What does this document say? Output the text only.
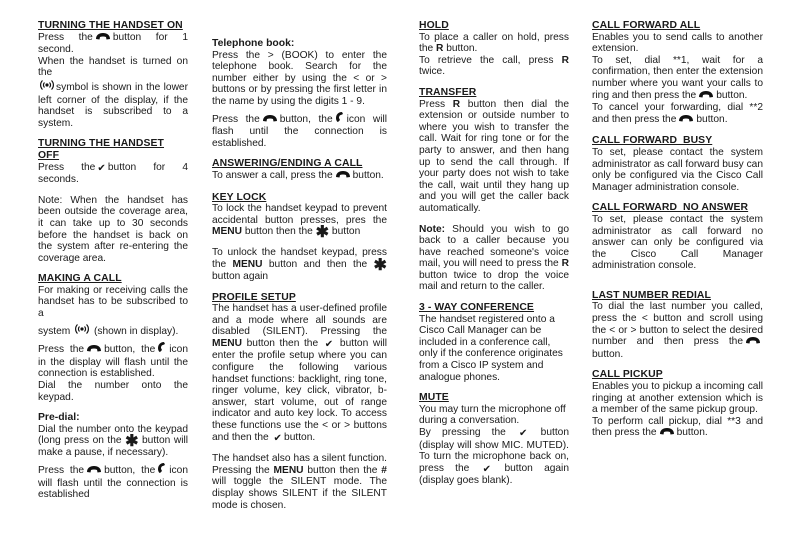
TURNING THE HANDSET ON

Press the button for 1 second.

When the handset is turned on the
symbol is shown in the lower left corner of the display, if the handset is subscribed to a system.

TURNING THE HANDSET OFF

Press the ✔ button for 4 seconds.

Note: When the handset has been outside the coverage area, it can take up to 30 seconds before the handset is back on the system after re-entering the coverage area.

MAKING A CALL

For making or receiving calls the handset has to be subscribed to a

system (shown in display).

Press the button, the icon in the display will flash until the connection is established.

Dial the number onto the keypad.

Pre-dial:

Dial the number onto the keypad (long press on the ✱ button will make a pause, if necessary).

Press the button, the icon will flash until the connection is established

Telephone book:

Press the > (BOOK) to enter the telephone book. Search for the number either by using the < or > buttons or by pressing the first letter in the name by using the digits 1 - 9.

Press the button, the icon will flash until the connection is established.

ANSWERING/ENDING A CALL

To answer a call, press the button.

KEY LOCK

To lock the handset keypad to prevent accidental button presses, pres the MENU button then the ✱ button

To unlock the handset keypad, press the MENU button and then the ✱ button again

PROFILE SETUP

The handset has a user-defined profile and a mode where all sounds are disabled (SILENT). Pressing the MENU button then the ✔ button will enter the profile setup where you can configure the following various handset functions: backlight, ring tone, ringer volume, key click, vibrator, b-answer, start volume, out of range indicator and auto key lock. To access these functions use the < or > buttons and then the ✔ button.

The handset also has a silent function. Pressing the MENU button then the # will toggle the SILENT mode. The display shows SILENT if the SILENT mode is chosen.

HOLD

To place a caller on hold, press the R button.

To retrieve the call, press R twice.

TRANSFER

Press R button then dial the extension or outside number to where you wish to transfer the call. Wait for ring tone or for the party to answer, and then hang up to send the call through. If your party does not wish to take the call, wait until they hang up and you will get the caller back automatically.

Note: Should you wish to go back to a caller because you have reached someone's voice mail, you will need to press the R button twice to drop the voice mail and return to the caller.

3 - WAY CONFERENCE

The handset registered onto a Cisco Call Manager can be included in a conference call, only if the conference originates from a Cisco IP system and analogue phones.

MUTE

You may turn the microphone off during a conversation.

By pressing the ✔ button (display will show MIC. MUTED). To turn the microphone back on, press the ✔ button again (display goes blank).

CALL FORWARD ALL

Enables you to send calls to another extension.

To set, dial **1, wait for a confirmation, then enter the extension number where you want your calls to ring and then press the button.

To cancel your forwarding, dial **2 and then press the button.

CALL FORWARD_BUSY

To set, please contact the system administrator as call forward busy can only be configured via the Cisco Call Manager administration console.

CALL FORWARD_NO ANSWER

To set, please contact the system administrator as call forward no answer can only be configured via the Cisco Call Manager administration console.

LAST NUMBER REDIAL

To dial the last number you called, press the < button and scroll using the < or > button to select the desired number and then press thebutton.

CALL PICKUP

Enables you to pickup a incoming call ringing at another extension which is a member of the same pickup group.

To perform call pickup, dial **3 and then press the button.
